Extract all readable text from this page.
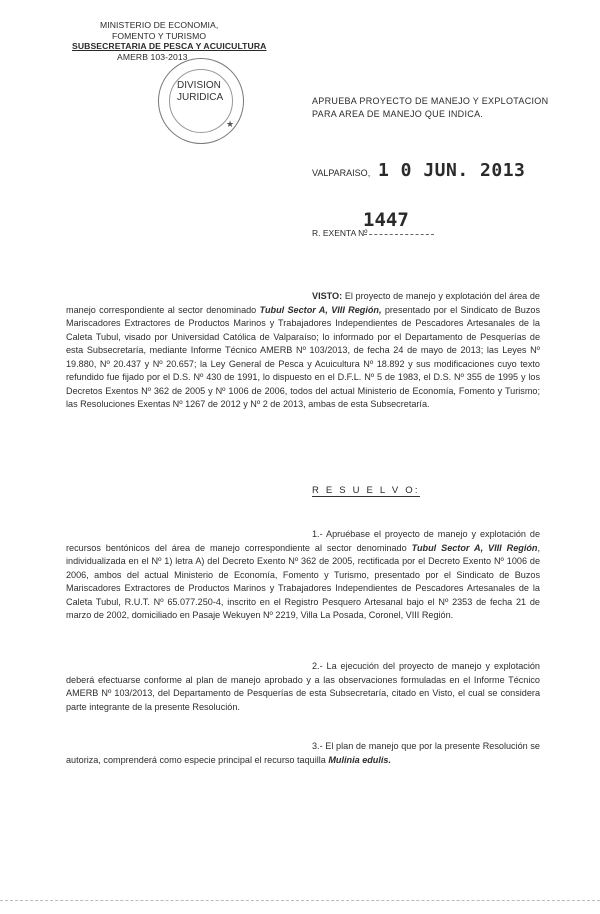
MINISTERIO DE ECONOMIA,
FOMENTO Y TURISMO
SUBSECRETARIA DE PESCA Y ACUICULTURA
AMERB 103-2013
DIVISION
JURIDICA
★
APRUEBA PROYECTO DE MANEJO Y EXPLOTACION PARA AREA DE MANEJO QUE INDICA.
VALPARAISO, 1 0 JUN. 2013
R. EXENTA Nº
1447
VISTO: El proyecto de manejo y explotación del área de manejo correspondiente al sector denominado Tubul Sector A, VIII Región, presentado por el Sindicato de Buzos Mariscadores Extractores de Productos Marinos y Trabajadores Independientes de Pescadores Artesanales de la Caleta Tubul, visado por Universidad Católica de Valparaíso; lo informado por el Departamento de Pesquerías de esta Subsecretaría, mediante Informe Técnico AMERB Nº 103/2013, de fecha 24 de mayo de 2013; las Leyes Nº 19.880, Nº 20.437 y Nº 20.657; la Ley General de Pesca y Acuicultura Nº 18.892 y sus modificaciones cuyo texto refundido fue fijado por el D.S. Nº 430 de 1991, lo dispuesto en el D.F.L. Nº 5 de 1983, el D.S. Nº 355 de 1995 y los Decretos Exentos Nº 362 de 2005 y Nº 1006 de 2006, todos del actual Ministerio de Economía, Fomento y Turismo; las Resoluciones Exentas Nº 1267 de 2012 y Nº 2 de 2013, ambas de esta Subsecretaría.
R E S U E L V O:
1.- Apruébase el proyecto de manejo y explotación de recursos bentónicos del área de manejo correspondiente al sector denominado Tubul Sector A, VIII Región, individualizada en el Nº 1) letra A) del Decreto Exento Nº 362 de 2005, rectificada por el Decreto Exento Nº 1006 de 2006, ambos del actual Ministerio de Economía, Fomento y Turismo, presentado por el Sindicato de Buzos Mariscadores Extractores de Productos Marinos y Trabajadores Independientes de Pescadores Artesanales de la Caleta Tubul, R.U.T. Nº 65.077.250-4, inscrito en el Registro Pesquero Artesanal bajo el Nº 2353 de fecha 21 de marzo de 2002, domiciliado en Pasaje Wekuyen Nº 2219, Villa La Posada, Coronel, VIII Región.
2.- La ejecución del proyecto de manejo y explotación deberá efectuarse conforme al plan de manejo aprobado y a las observaciones formuladas en el Informe Técnico AMERB Nº 103/2013, del Departamento de Pesquerías de esta Subsecretaría, citado en Visto, el cual se considera parte integrante de la presente Resolución.
3.- El plan de manejo que por la presente Resolución se autoriza, comprenderá como especie principal el recurso taquilla Mulinia edulis.
